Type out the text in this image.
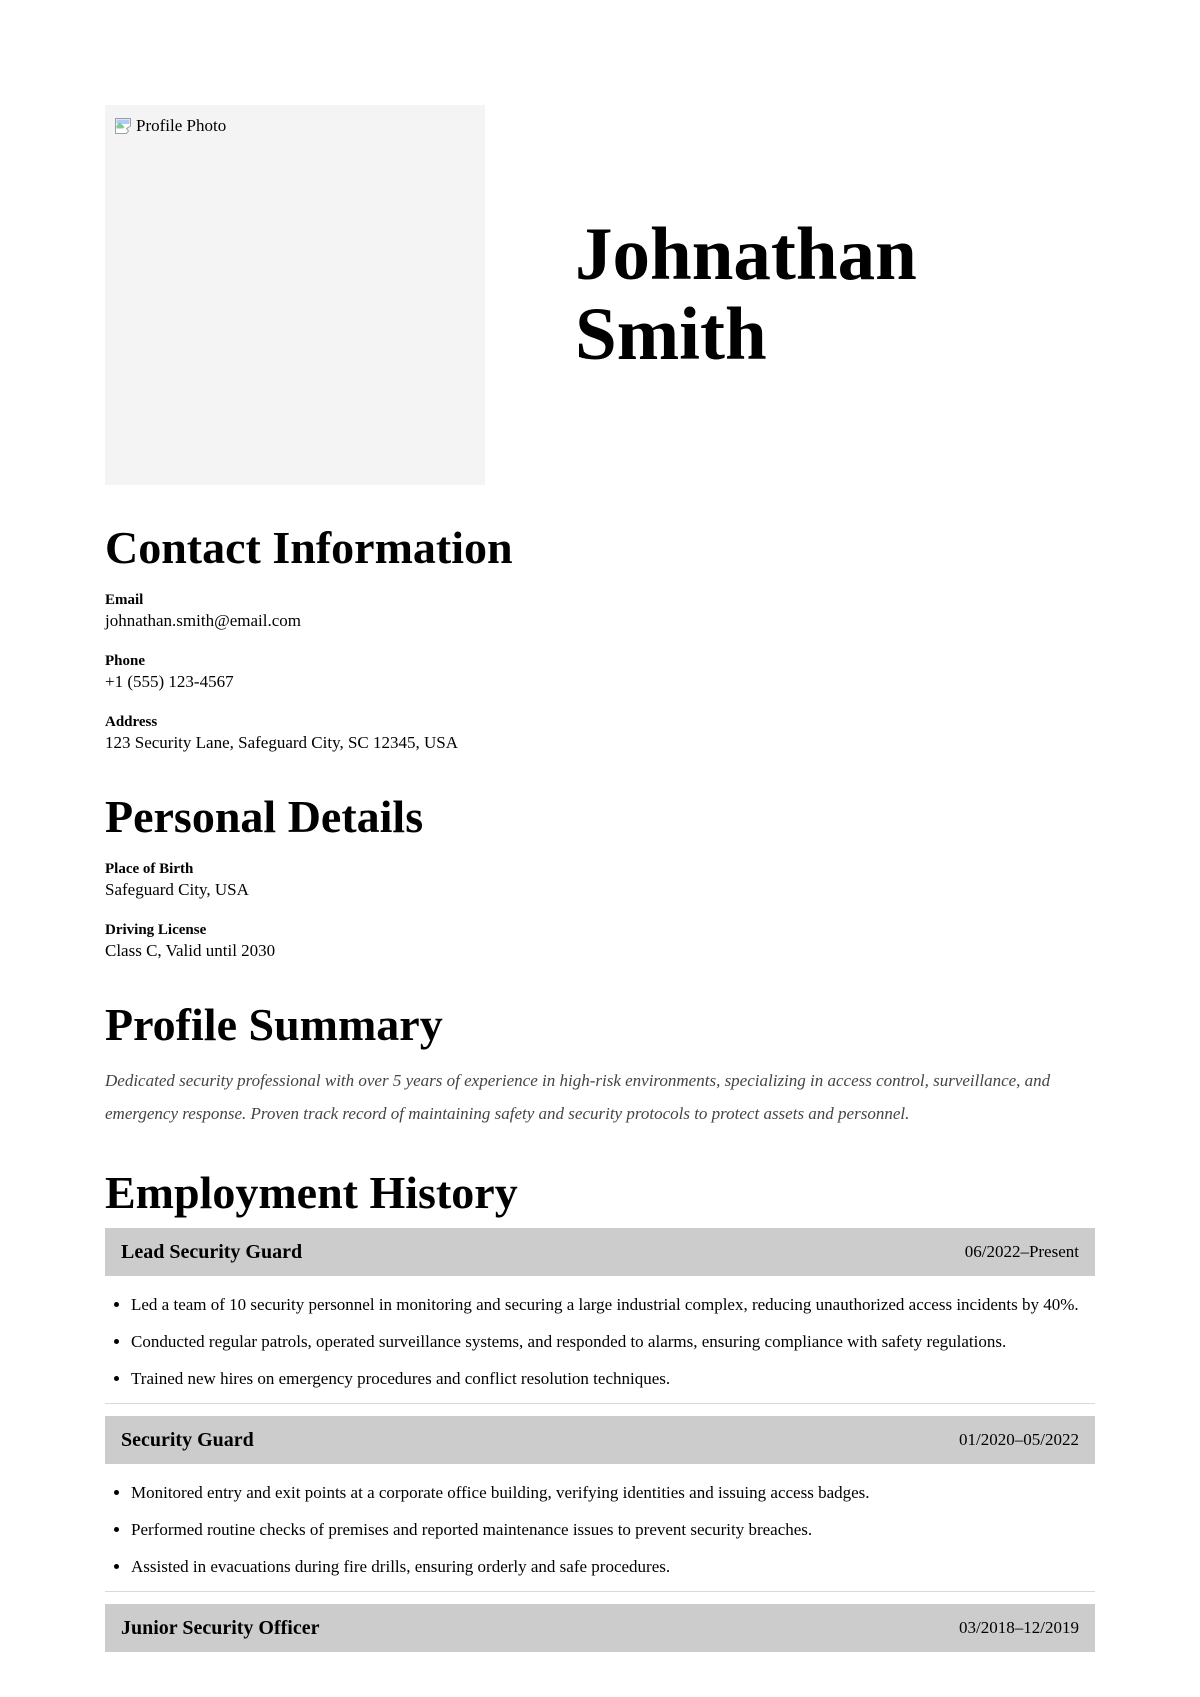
Profile Photo
Johnathan Smith
Contact Information
Email
johnathan.smith@email.com
Phone
+1 (555) 123-4567
Address
123 Security Lane, Safeguard City, SC 12345, USA
Personal Details
Place of Birth
Safeguard City, USA
Driving License
Class C, Valid until 2030
Profile Summary

Dedicated security professional with over 5 years of experience in high-risk environments, specializing in access control, surveillance, and emergency response. Proven track record of maintaining safety and security protocols to protect assets and personnel.

Employment History
Lead Security Guard	06/2022–Present
• Led a team of 10 security personnel in monitoring and securing a large industrial complex, reducing unauthorized access incidents by 40%.
• Conducted regular patrols, operated surveillance systems, and responded to alarms, ensuring compliance with safety regulations.
• Trained new hires on emergency procedures and conflict resolution techniques.
Security Guard	01/2020–05/2022
• Monitored entry and exit points at a corporate office building, verifying identities and issuing access badges.
• Performed routine checks of premises and reported maintenance issues to prevent security breaches.
• Assisted in evacuations during fire drills, ensuring orderly and safe procedures.
Junior Security Officer	03/2018–12/2019
